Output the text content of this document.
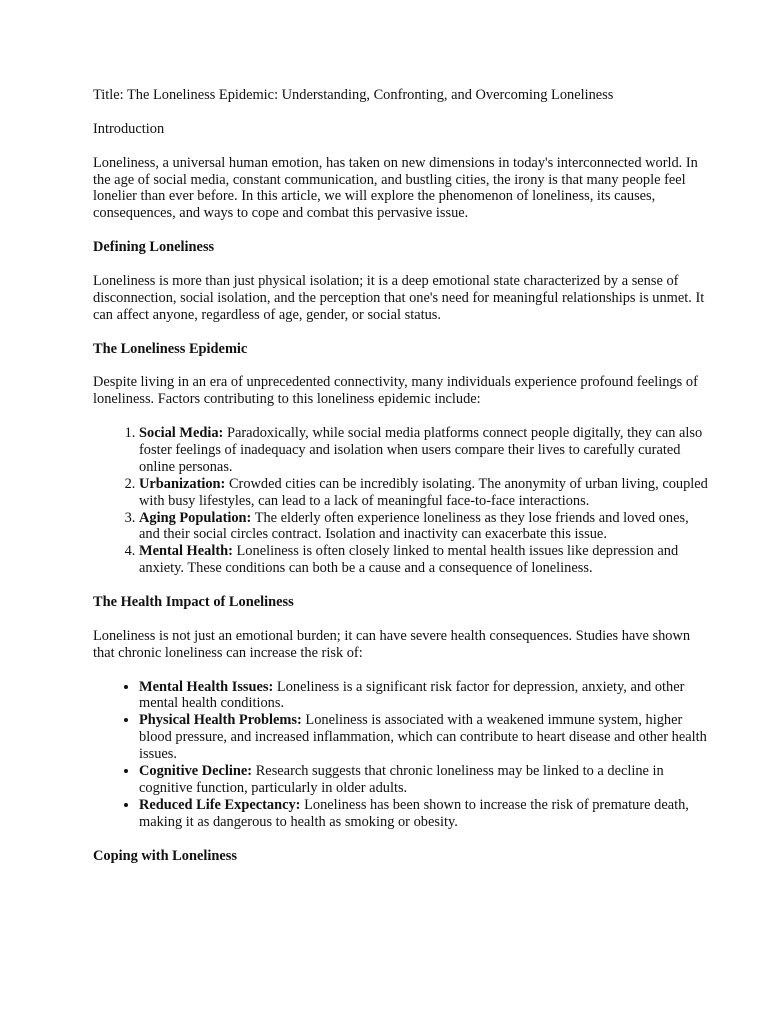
Title: The Loneliness Epidemic: Understanding, Confronting, and Overcoming Loneliness

Introduction

Loneliness, a universal human emotion, has taken on new dimensions in today's interconnected world. In the age of social media, constant communication, and bustling cities, the irony is that many people feel lonelier than ever before. In this article, we will explore the phenomenon of loneliness, its causes, consequences, and ways to cope and combat this pervasive issue.

Defining Loneliness

Loneliness is more than just physical isolation; it is a deep emotional state characterized by a sense of disconnection, social isolation, and the perception that one's need for meaningful relationships is unmet. It can affect anyone, regardless of age, gender, or social status.

The Loneliness Epidemic

Despite living in an era of unprecedented connectivity, many individuals experience profound feelings of loneliness. Factors contributing to this loneliness epidemic include:

1. Social Media: Paradoxically, while social media platforms connect people digitally, they can also foster feelings of inadequacy and isolation when users compare their lives to carefully curated online personas.
2. Urbanization: Crowded cities can be incredibly isolating. The anonymity of urban living, coupled with busy lifestyles, can lead to a lack of meaningful face-to-face interactions.
3. Aging Population: The elderly often experience loneliness as they lose friends and loved ones, and their social circles contract. Isolation and inactivity can exacerbate this issue.
4. Mental Health: Loneliness is often closely linked to mental health issues like depression and anxiety. These conditions can both be a cause and a consequence of loneliness.

The Health Impact of Loneliness

Loneliness is not just an emotional burden; it can have severe health consequences. Studies have shown that chronic loneliness can increase the risk of:

• Mental Health Issues: Loneliness is a significant risk factor for depression, anxiety, and other mental health conditions.
• Physical Health Problems: Loneliness is associated with a weakened immune system, higher blood pressure, and increased inflammation, which can contribute to heart disease and other health issues.
• Cognitive Decline: Research suggests that chronic loneliness may be linked to a decline in cognitive function, particularly in older adults.
• Reduced Life Expectancy: Loneliness has been shown to increase the risk of premature death, making it as dangerous to health as smoking or obesity.

Coping with Loneliness
